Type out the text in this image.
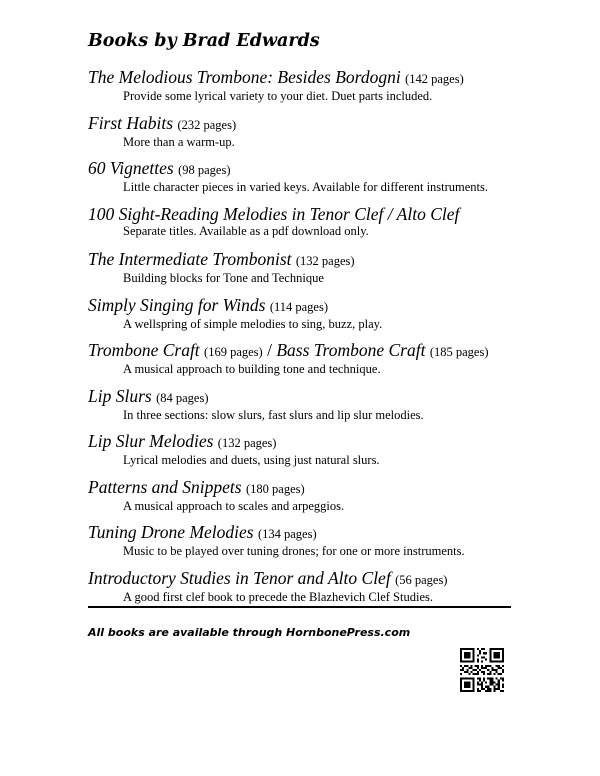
Books by Brad Edwards
The Melodious Trombone: Besides Bordogni (142 pages)
Provide some lyrical variety to your diet. Duet parts included.
First Habits (232 pages)
More than a warm-up.
60 Vignettes (98 pages)
Little character pieces in varied keys. Available for different instruments.
100 Sight-Reading Melodies in Tenor Clef / Alto Clef
Separate titles. Available as a pdf download only.
The Intermediate Trombonist (132 pages)
Building blocks for Tone and Technique
Simply Singing for Winds (114 pages)
A wellspring of simple melodies to sing, buzz, play.
Trombone Craft (169 pages) / Bass Trombone Craft (185 pages)
A musical approach to building tone and technique.
Lip Slurs (84 pages)
In three sections: slow slurs, fast slurs and lip slur melodies.
Lip Slur Melodies (132 pages)
Lyrical melodies and duets, using just natural slurs.
Patterns and Snippets (180 pages)
A musical approach to scales and arpeggios.
Tuning Drone Melodies (134 pages)
Music to be played over tuning drones; for one or more instruments.
Introductory Studies in Tenor and Alto Clef (56 pages)
A good first clef book to precede the Blazhevich Clef Studies.
All books are available through HornbonePress.com
